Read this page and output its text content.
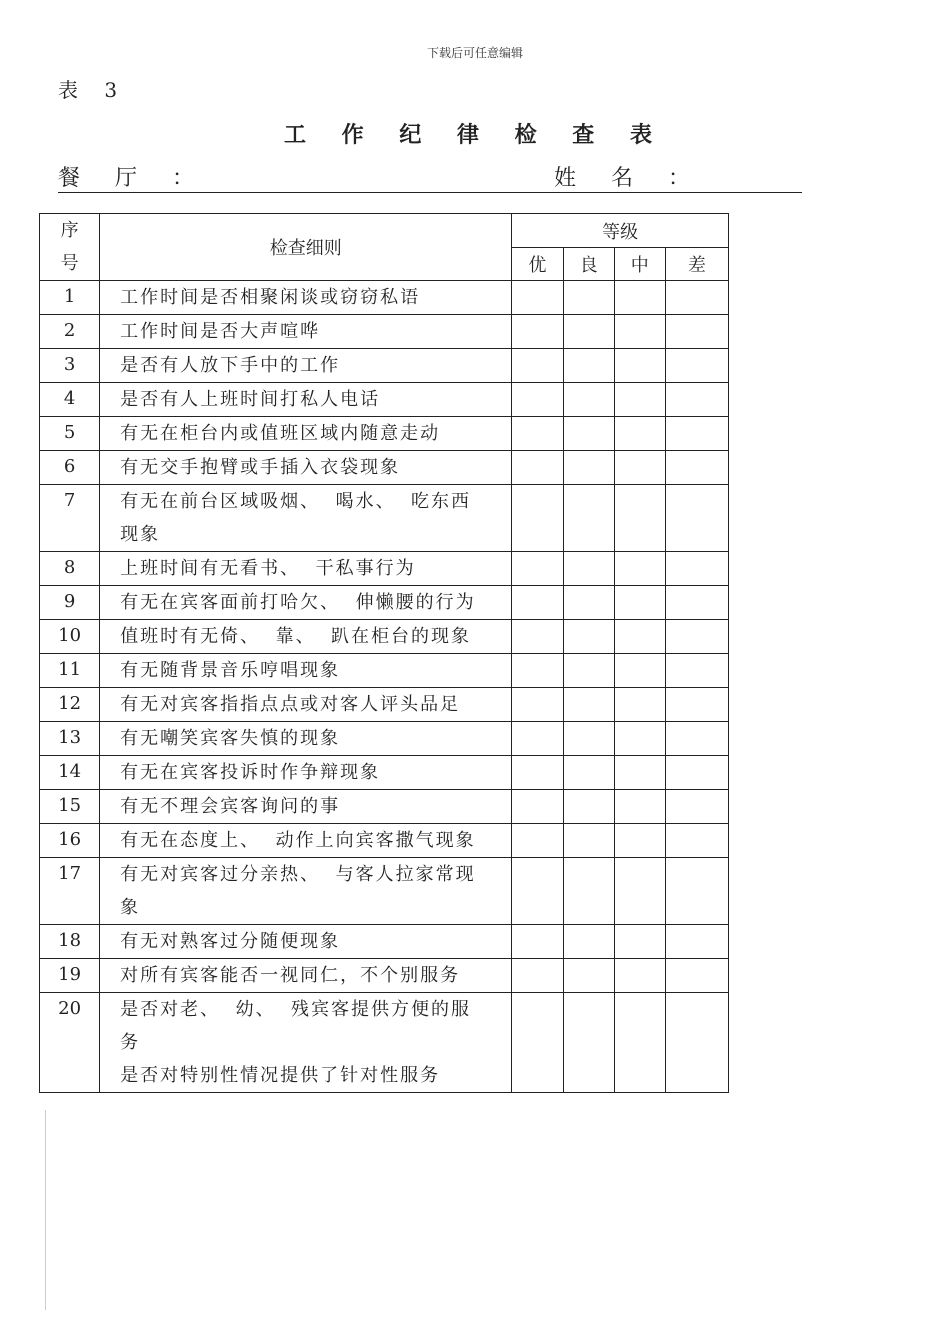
下载后可任意编辑
表 3
工 作 纪 律 检 查 表
餐 厅 ：	姓 名 ：
序
号	检查细则	等级			
		优	良	中	差
1	工作时间是否相聚闲谈或窃窃私语				
2	工作时间是否大声喧哗				
3	是否有人放下手中的工作				
4	是否有人上班时间打私人电话				
5	有无在柜台内或值班区域内随意走动				
6	有无交手抱臂或手插入衣袋现象				
7	有无在前台区域吸烟、  喝水、  吃东西
现象				
8	上班时间有无看书、  干私事行为				
9	有无在宾客面前打哈欠、  伸懒腰的行为				
10	值班时有无倚、  靠、  趴在柜台的现象				
11	有无随背景音乐哼唱现象				
12	有无对宾客指指点点或对客人评头品足				
13	有无嘲笑宾客失慎的现象				
14	有无在宾客投诉时作争辩现象				
15	有无不理会宾客询问的事				
16	有无在态度上、  动作上向宾客撒气现象				
17	有无对宾客过分亲热、  与客人拉家常现
象				
18	有无对熟客过分随便现象				
19	对所有宾客能否一视同仁，不个别服务				
20	是否对老、  幼、  残宾客提供方便的服
务
是否对特别性情况提供了针对性服务				
